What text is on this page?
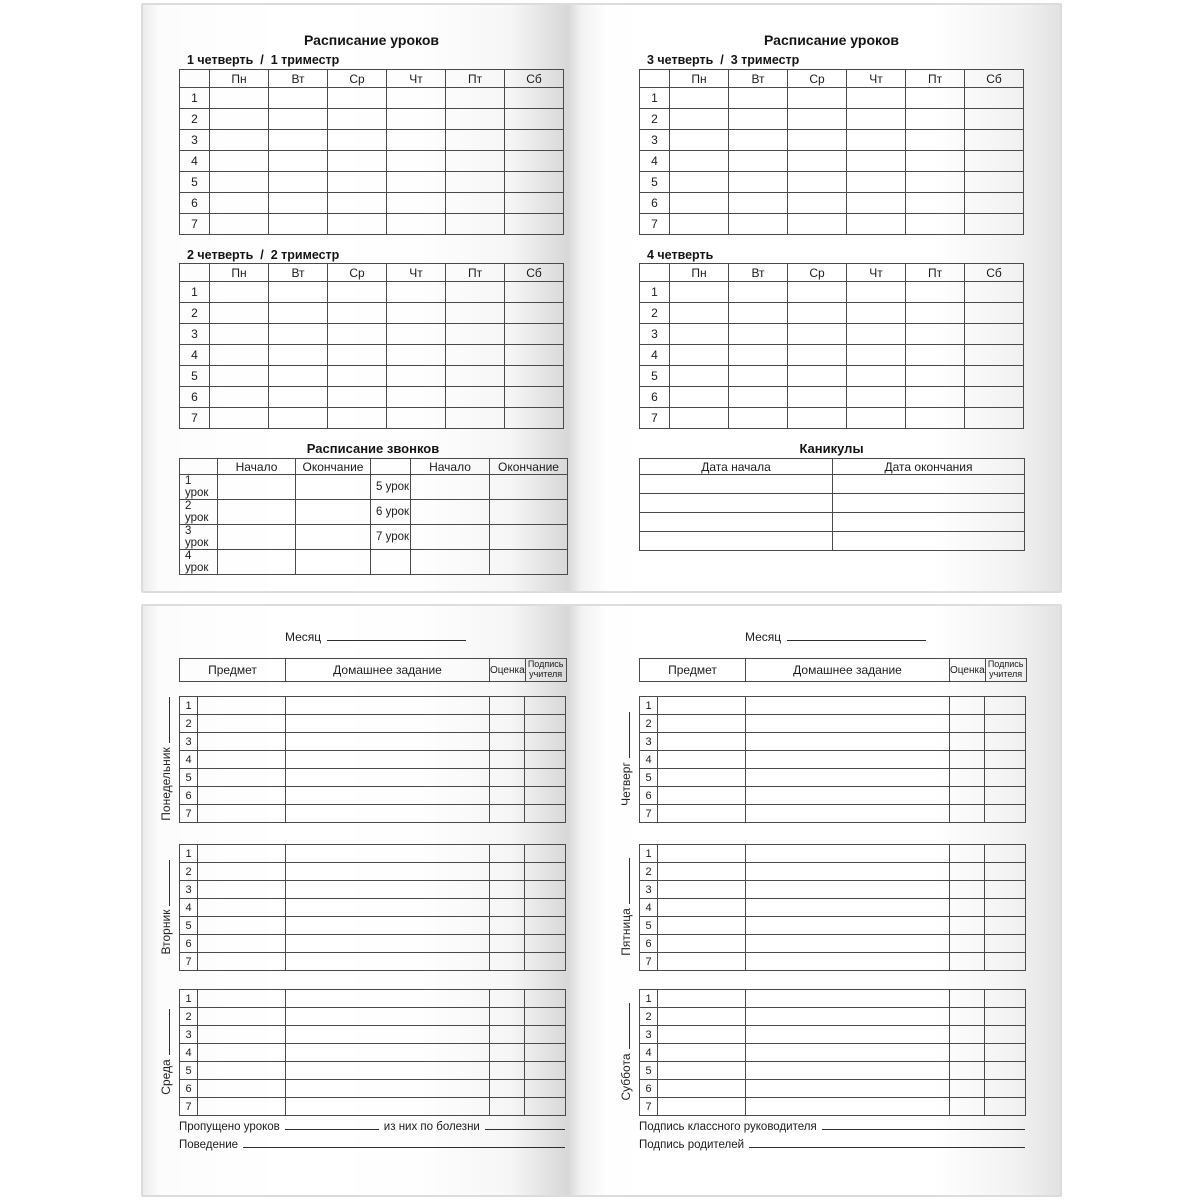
Расписание уроков
1 четверть  /  1 триместр
	Пн	Вт	Ср	Чт	Пт	Сб
1						
2						
3						
4						
5						
6						
7						
2 четверть  /  2 триместр
	Пн	Вт	Ср	Чт	Пт	Сб
1						
2						
3						
4						
5						
6						
7						
Расписание звонков
	Начало	Окончание		Начало	Окончание
1 урок			5 урок		
2 урок			6 урок		
3 урок			7 урок		
4 урок					
Расписание уроков
3 четверть  /  3 триместр
	Пн	Вт	Ср	Чт	Пт	Сб
1						
2						
3						
4						
5						
6						
7						
4 четверть
	Пн	Вт	Ср	Чт	Пт	Сб
1						
2						
3						
4						
5						
6						
7						
Каникулы
Дата начала	Дата окончания

Месяц
Предмет	Домашнее задание	Оценка	Подпись учителя
Понедельник
1				
2				
3				
4				
5				
6				
7				
Вторник
1				
2				
3				
4				
5				
6				
7				
Среда
1				
2				
3				
4				
5				
6				
7				
Пропущено уроков	из них по болезни
Поведение
Месяц
Предмет	Домашнее задание	Оценка	Подпись учителя
Четверг
1				
2				
3				
4				
5				
6				
7				
Пятница
1				
2				
3				
4				
5				
6				
7				
Суббота
1				
2				
3				
4				
5				
6				
7				
Подпись классного руководителя
Подпись родителей
